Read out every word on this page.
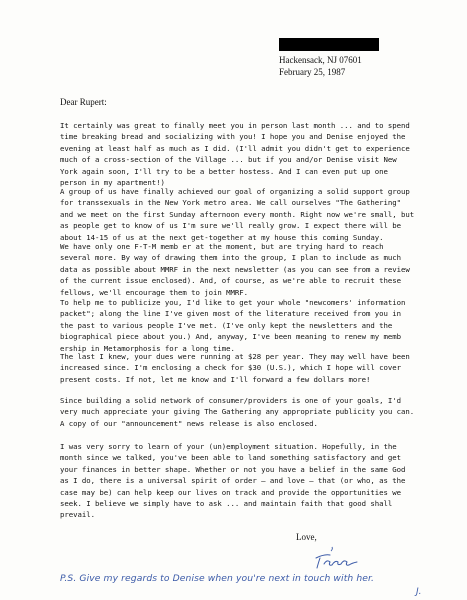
Hackensack, NJ 07601
February 25, 1987
Dear Rupert:

It certainly was great to finally meet you in person last month ... and to spend time breaking bread and socializing with you! I hope you and Denise enjoyed the evening at least half as much as I did. (I'll admit you didn't get to experience much of a cross-section of the Village ... but if you and/or Denise visit New York again soon, I'll try to be a better hostess. And I can even put up one person in my apartment!)

A group of us have finally achieved our goal of organizing a solid support group for transsexuals in the New York metro area. We call ourselves "The Gathering" and we meet on the first Sunday afternoon every month. Right now we're small, but as people get to know of us I'm sure we'll really grow. I expect there will be about 14-15 of us at the next get-together at my house this coming Sunday.

We have only one F-T-M memb er at the moment, but are trying hard to reach several more. By way of drawing them into the group, I plan to include as much data as possible about MMRF in the next newsletter (as you can see from a review of the current issue enclosed). And, of course, as we're able to recruit these fellows, we'll encourage them to join MMRF.

To help me to publicize you, I'd like to get your whole "newcomers' information packet"; along the line I've given most of the literature received from you in the past to various people I've met. (I've only kept the newsletters and the biographical piece about you.) And, anyway, I've been meaning to renew my memb ership in Metamorphosis for a long time.

The last I knew, your dues were running at $28 per year. They may well have been increased since. I'm enclosing a check for $30 (U.S.), which I hope will cover present costs. If not, let me know and I'll forward a few dollars more!

Since building a solid network of consumer/providers is one of your goals, I'd very much appreciate your giving The Gathering any appropriate publicity you can. A copy of our "announcement" news release is also enclosed.

I was very sorry to learn of your (un)employment situation. Hopefully, in the month since we talked, you've been able to land something satisfactory and get your finances in better shape. Whether or not you have a belief in the same God as I do, there is a universal spirit of order — and love — that (or who, as the case may be) can help keep our lives on track and provide the opportunities we seek. I believe we simply have to ask ... and maintain faith that good shall prevail.

Love,
P.S. Give my regards to Denise when you're next in touch with her.
J.
